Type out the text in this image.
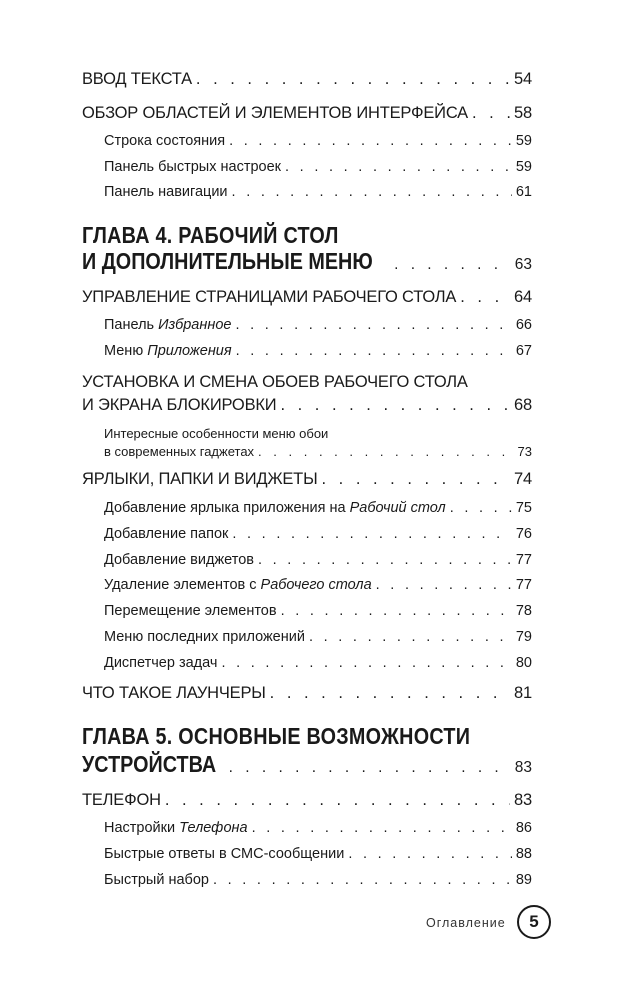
ВВОД ТЕКСТА . . .	54
ОБЗОР ОБЛАСТЕЙ И ЭЛЕМЕНТОВ ИНТЕРФЕЙСА . . .	58
Строка состояния . . .	59
Панель быстрых настроек . . .	59
Панель навигации . . .	61
ГЛАВА 4. РАБОЧИЙ СТОЛ
И ДОПОЛНИТЕЛЬНЫЕ МЕНЮ . . .	63
УПРАВЛЕНИЕ СТРАНИЦАМИ РАБОЧЕГО СТОЛА . . .	64
Панель Избранное . . .	66
Меню Приложения . . .	67
УСТАНОВКА И СМЕНА ОБОЕВ РАБОЧЕГО СТОЛА
И ЭКРАНА БЛОКИРОВКИ . . .	68
Интересные особенности меню обои
в современных гаджетах . . .	73
ЯРЛЫКИ, ПАПКИ И ВИДЖЕТЫ . . .	74
Добавление ярлыка приложения на Рабочий стол . . .	75
Добавление папок . . .	76
Добавление виджетов . . .	77
Удаление элементов с Рабочего стола . . .	77
Перемещение элементов . . .	78
Меню последних приложений . . .	79
Диспетчер задач . . .	80
ЧТО ТАКОЕ ЛАУНЧЕРЫ . . .	81
ГЛАВА 5. ОСНОВНЫЕ ВОЗМОЖНОСТИ
УСТРОЙСТВА . . .	83
ТЕЛЕФОН . . .	83
Настройки Телефона . . .	86
Быстрые ответы в СМС-сообщении . . .	88
Быстрый набор . . .	89
Оглавление 5
